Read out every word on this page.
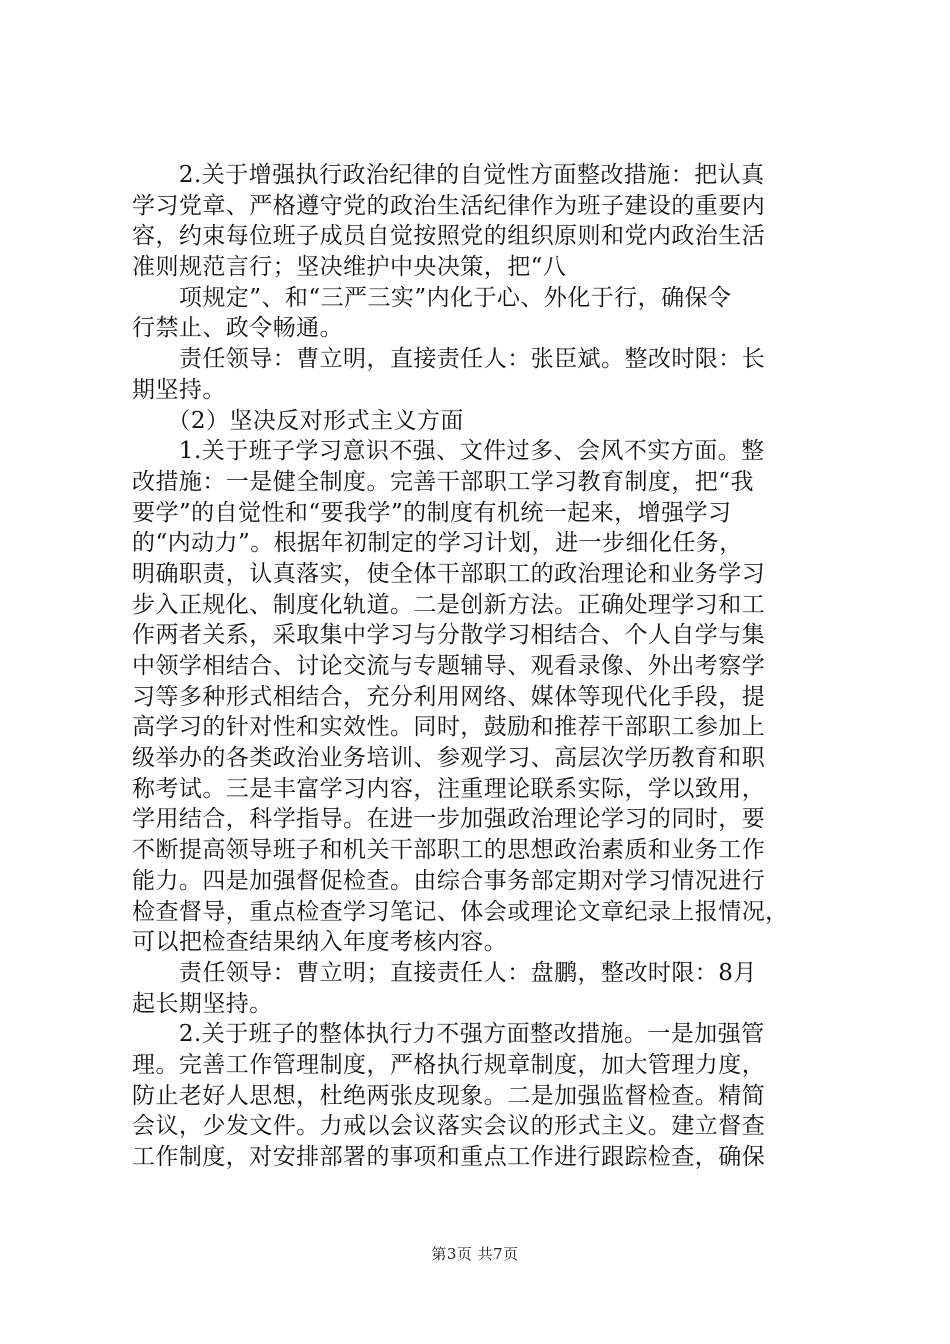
　　2.关于增强执行政治纪律的自觉性方面整改措施：把认真
学习党章、严格遵守党的政治生活纪律作为班子建设的重要内
容，约束每位班子成员自觉按照党的组织原则和党内政治生活
准则规范言行；坚决维护中央决策，把“八
　　项规定”、和“三严三实”内化于心、外化于行，确保令
行禁止、政令畅通。
　　责任领导：曹立明，直接责任人：张臣斌。整改时限：长
期坚持。
　　（2）坚决反对形式主义方面
　　1.关于班子学习意识不强、文件过多、会风不实方面。整
改措施：一是健全制度。完善干部职工学习教育制度，把“我
要学”的自觉性和“要我学”的制度有机统一起来，增强学习
的“内动力”。根据年初制定的学习计划，进一步细化任务，
明确职责，认真落实，使全体干部职工的政治理论和业务学习
步入正规化、制度化轨道。二是创新方法。正确处理学习和工
作两者关系，采取集中学习与分散学习相结合、个人自学与集
中领学相结合、讨论交流与专题辅导、观看录像、外出考察学
习等多种形式相结合，充分利用网络、媒体等现代化手段，提
高学习的针对性和实效性。同时，鼓励和推荐干部职工参加上
级举办的各类政治业务培训、参观学习、高层次学历教育和职
称考试。三是丰富学习内容，注重理论联系实际，学以致用，
学用结合，科学指导。在进一步加强政治理论学习的同时，要
不断提高领导班子和机关干部职工的思想政治素质和业务工作
能力。四是加强督促检查。由综合事务部定期对学习情况进行
检查督导，重点检查学习笔记、体会或理论文章纪录上报情况，
可以把检查结果纳入年度考核内容。
　　责任领导：曹立明；直接责任人：盘鹏，整改时限：8月
起长期坚持。
　　2.关于班子的整体执行力不强方面整改措施。一是加强管
理。完善工作管理制度，严格执行规章制度，加大管理力度，
防止老好人思想，杜绝两张皮现象。二是加强监督检查。精简
会议，少发文件。力戒以会议落实会议的形式主义。建立督查
工作制度，对安排部署的事项和重点工作进行跟踪检查，确保
第3页 共7页
